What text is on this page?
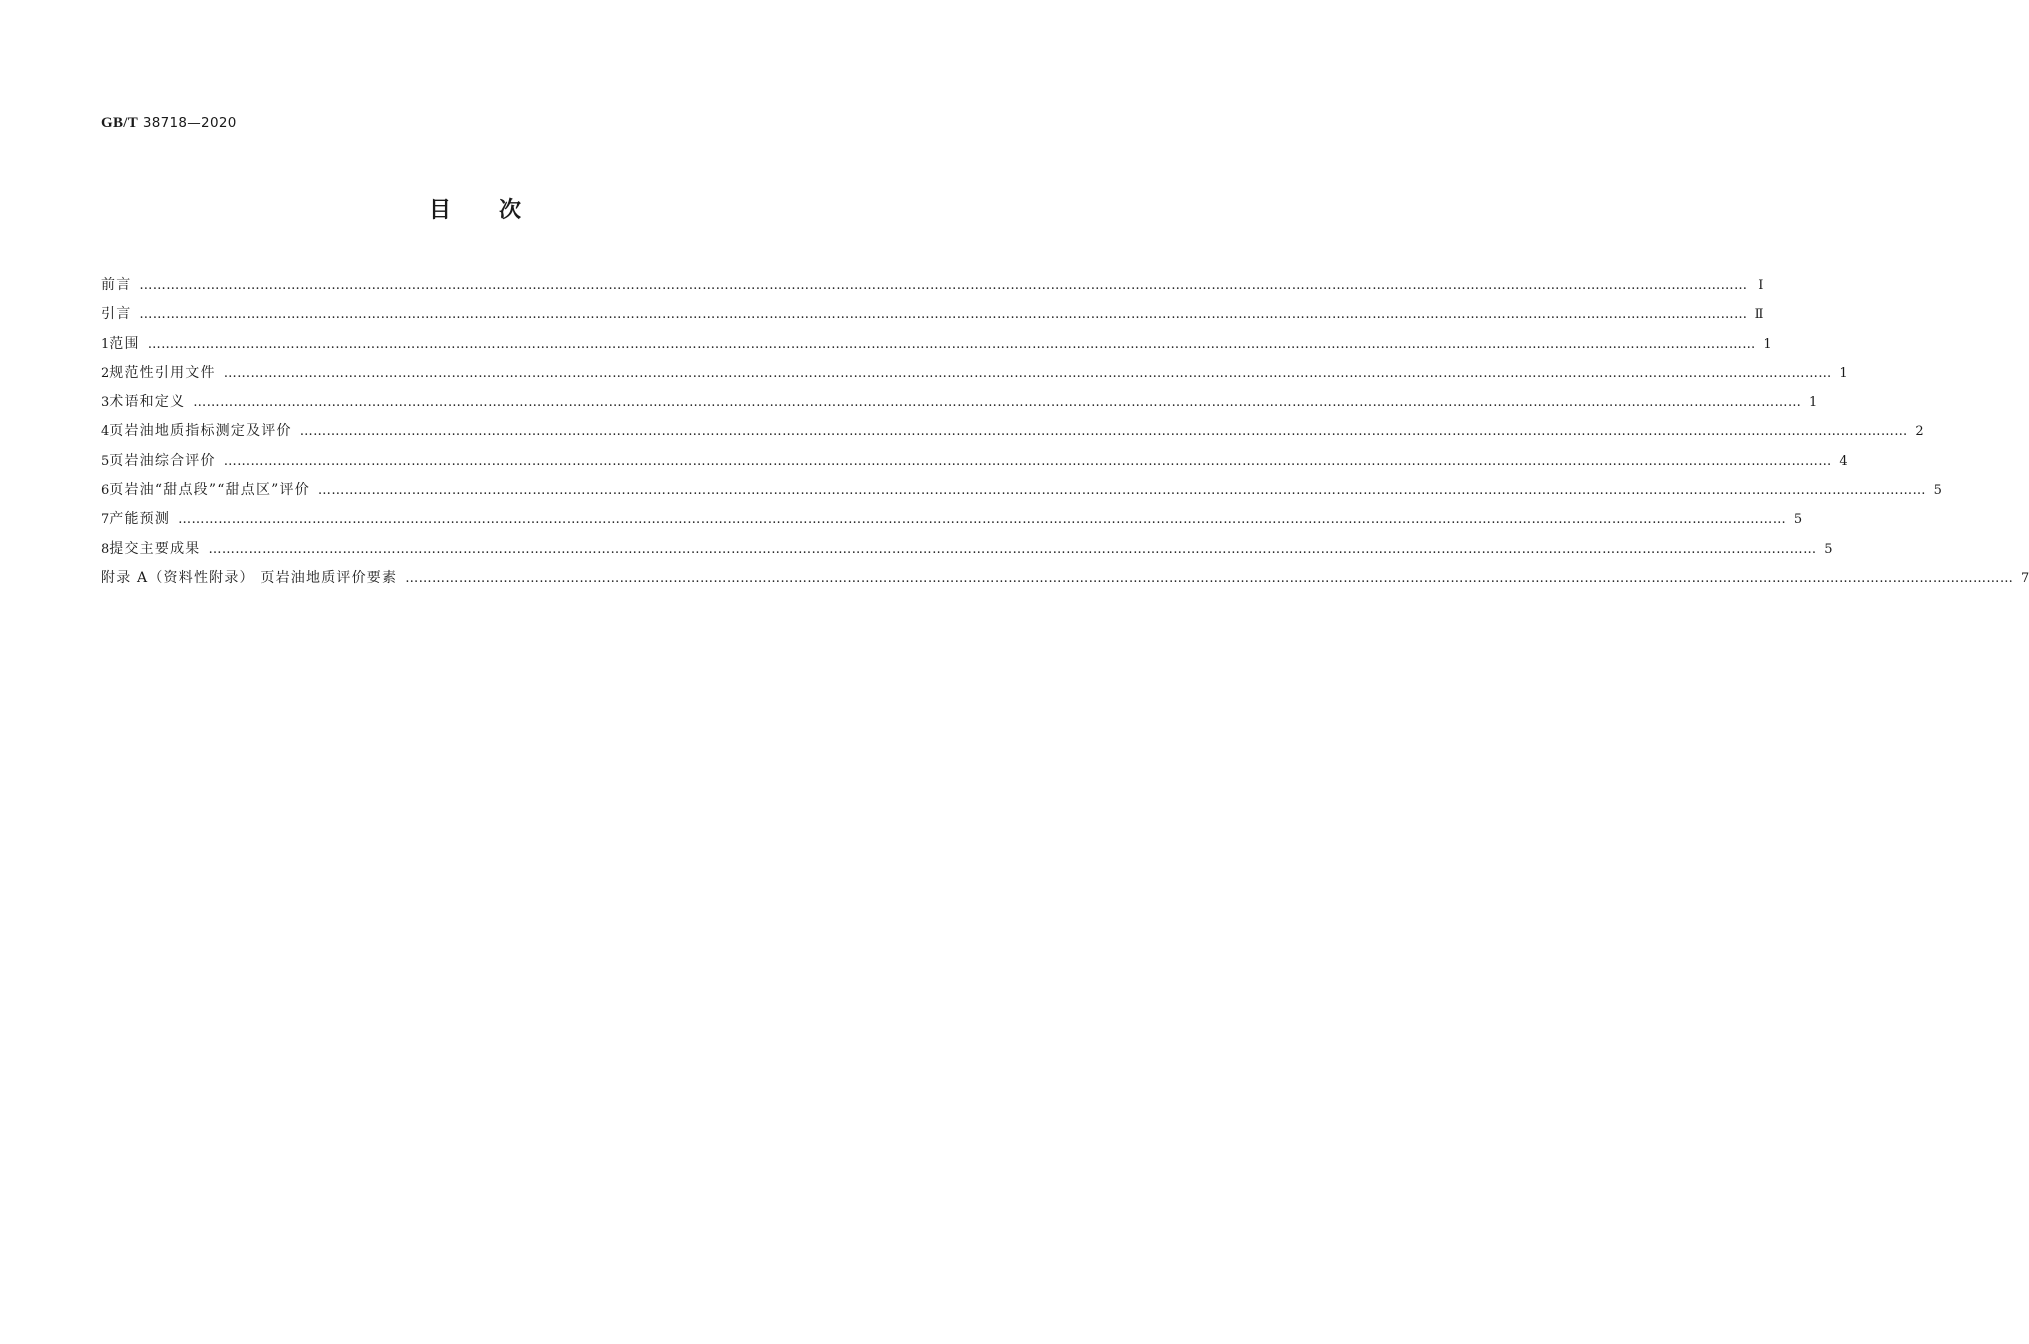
GB/T 38718—2020
目次
前言 ……………………………………………………………………………………………………………………………………………………………………………………………………………………………………………………………………………………………………………………………… Ⅰ
引言 ……………………………………………………………………………………………………………………………………………………………………………………………………………………………………………………………………………………………………………………………… Ⅱ
1 范围 ……………………………………………………………………………………………………………………………………………………………………………………………………………………………………………………………………………………………………………………………… 1
2 规范性引用文件 ……………………………………………………………………………………………………………………………………………………………………………………………………………………………………………………………………………………………………………………………… 1
3 术语和定义 ……………………………………………………………………………………………………………………………………………………………………………………………………………………………………………………………………………………………………………………………… 1
4 页岩油地质指标测定及评价 ……………………………………………………………………………………………………………………………………………………………………………………………………………………………………………………………………………………………………………………………… 2
5 页岩油综合评价 ……………………………………………………………………………………………………………………………………………………………………………………………………………………………………………………………………………………………………………………………… 4
6 页岩油“甜点段”“甜点区”评价 ……………………………………………………………………………………………………………………………………………………………………………………………………………………………………………………………………………………………………………………………… 5
7 产能预测 ……………………………………………………………………………………………………………………………………………………………………………………………………………………………………………………………………………………………………………………………… 5
8 提交主要成果 ……………………………………………………………………………………………………………………………………………………………………………………………………………………………………………………………………………………………………………………………… 5
附录 A（资料性附录） 页岩油地质评价要素 ……………………………………………………………………………………………………………………………………………………………………………………………………………………………………………………………………………………………………………………………… 7
